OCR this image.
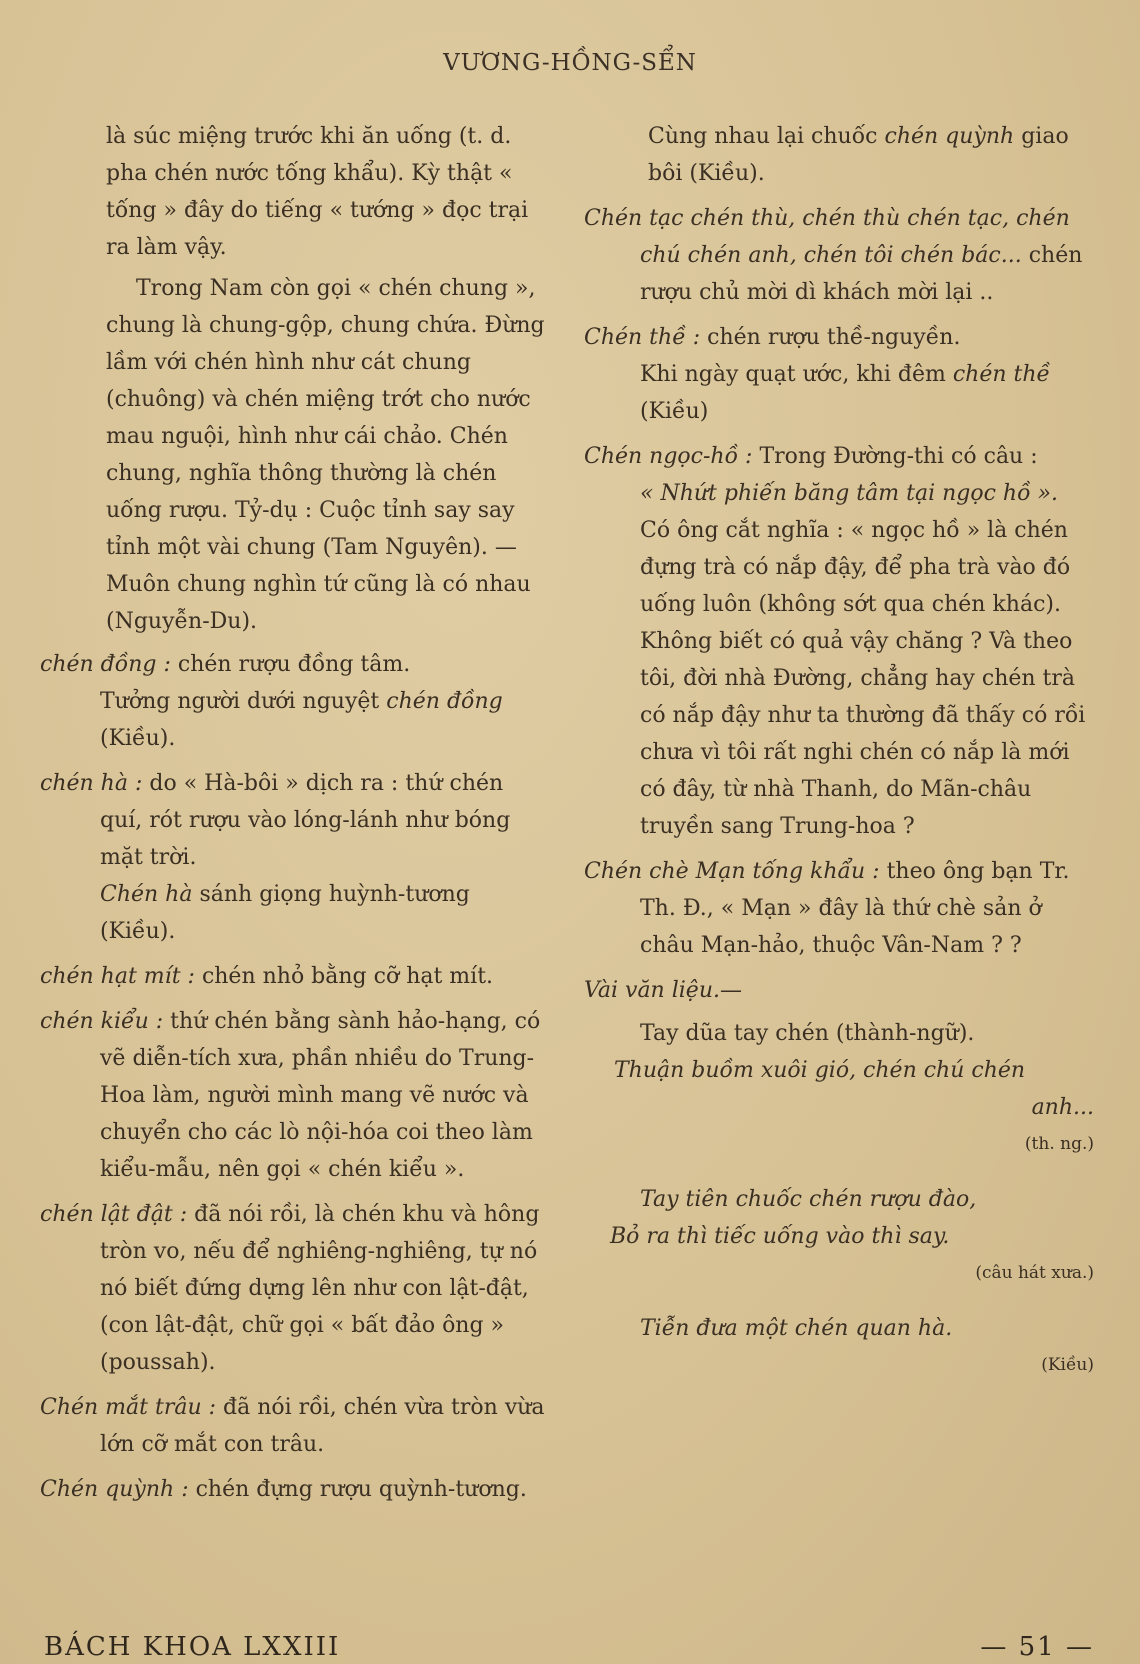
VƯƠNG-HỒNG-SỂN

là súc miệng trước khi ăn uống (t. d. pha chén nước tống khẩu). Kỳ thật « tống » đây do tiếng « tướng » đọc trại ra làm vậy.

Trong Nam còn gọi « chén chung », chung là chung-gộp, chung chứa. Đừng lầm với chén hình như cát chung (chuông) và chén miệng trớt cho nước mau nguội, hình như cái chảo. Chén chung, nghĩa thông thường là chén uống rượu. Tỷ-dụ : Cuộc tỉnh say say tỉnh một vài chung (Tam Nguyên). — Muôn chung nghìn tứ cũng là có nhau (Nguyễn-Du).

chén đồng : chén rượu đồng tâm.
Tưởng người dưới nguyệt chén đồng (Kiều).
chén hà : do « Hà-bôi » dịch ra : thứ chén quí, rót rượu vào lóng-lánh như bóng mặt trời.
Chén hà sánh giọng huỳnh-tương (Kiều).
chén hạt mít : chén nhỏ bằng cỡ hạt mít.
chén kiểu : thứ chén bằng sành hảo-hạng, có vẽ diễn-tích xưa, phần nhiều do Trung-Hoa làm, người mình mang vẽ nước và chuyển cho các lò nội-hóa coi theo làm kiểu-mẫu, nên gọi « chén kiểu ».
chén lật đật : đã nói rồi, là chén khu và hông tròn vo, nếu để nghiêng-nghiêng, tự nó nó biết đứng dựng lên như con lật-đật, (con lật-đật, chữ gọi « bất đảo ông » (poussah).
Chén mắt trâu : đã nói rồi, chén vừa tròn vừa lớn cỡ mắt con trâu.
Chén quỳnh : chén đựng rượu quỳnh-tương.
Cùng nhau lại chuốc chén quỳnh giao bôi (Kiều).
Chén tạc chén thù, chén thù chén tạc, chén chú chén anh, chén tôi chén bác... chén rượu chủ mời dì khách mời lại ..
Chén thề : chén rượu thề-nguyền.
Khi ngày quạt ước, khi đêm chén thề (Kiều)
Chén ngọc-hồ : Trong Đường-thi có câu :
« Nhứt phiến băng tâm tại ngọc hồ ».
Có ông cắt nghĩa : « ngọc hồ » là chén đựng trà có nắp đậy, để pha trà vào đó uống luôn (không sớt qua chén khác). Không biết có quả vậy chăng ? Và theo tôi, đời nhà Đường, chẳng hay chén trà có nắp đậy như ta thường đã thấy có rồi chưa vì tôi rất nghi chén có nắp là mới có đây, từ nhà Thanh, do Mãn-châu truyền sang Trung-hoa ?
Chén chè Mạn tống khẩu : theo ông bạn Tr. Th. Đ., « Mạn » đây là thứ chè sản ở châu Mạn-hảo, thuộc Vân-Nam ? ?

Vài văn liệu.—

Tay dũa tay chén (thành-ngữ).

Thuận buồm xuôi gió, chén chú chén

anh...

(th. ng.)

Tay tiên chuốc chén rượu đào,

Bỏ ra thì tiếc uống vào thì say.

(câu hát xưa.)

Tiễn đưa một chén quan hà.

(Kiều)

BÁCH KHOA LXXIII
—	51 —
